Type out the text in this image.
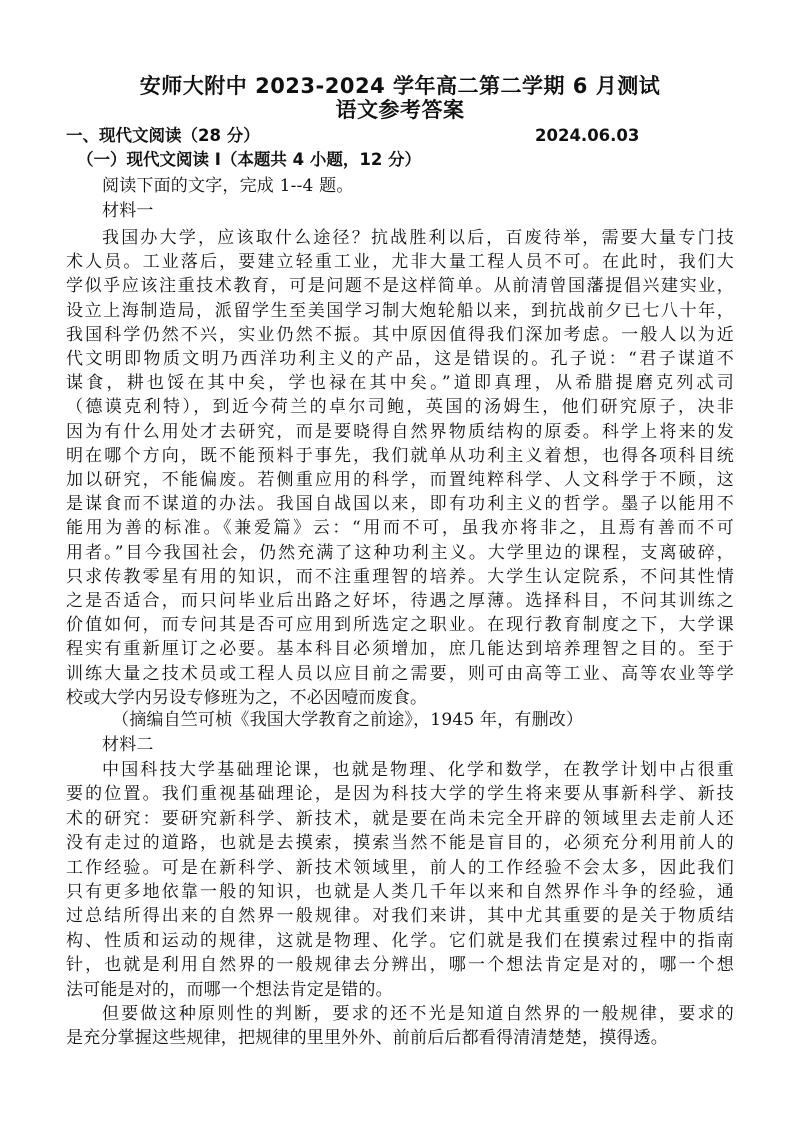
安师大附中 2023-2024 学年高二第二学期 6 月测试
语文参考答案
一、现代文阅读（28 分）	2024.06.03
（一）现代文阅读 I（本题共 4 小题，12 分）
阅读下面的文字，完成 1--4 题。
材料一
我国办大学，应该取什么途径？抗战胜利以后，百废待举，需要大量专门技
术人员。工业落后，要建立轻重工业，尤非大量工程人员不可。在此时，我们大
学似乎应该注重技术教育，可是问题不是这样简单。从前清曾国藩提倡兴建实业，
设立上海制造局，派留学生至美国学习制大炮轮船以来，到抗战前夕已七八十年，
我国科学仍然不兴，实业仍然不振。其中原因值得我们深加考虑。一般人以为近
代文明即物质文明乃西洋功利主义的产品，这是错误的。孔子说：“君子谋道不
谋食，耕也馁在其中矣，学也禄在其中矣。”道即真理，从希腊提磨克列忒司
（德谟克利特），到近今荷兰的卓尔司鲍，英国的汤姆生，他们研究原子，决非
因为有什么用处才去研究，而是要晓得自然界物质结构的原委。科学上将来的发
明在哪个方向，既不能预料于事先，我们就单从功利主义着想，也得各项科目统
加以研究，不能偏废。若侧重应用的科学，而置纯粹科学、人文科学于不顾，这
是谋食而不谋道的办法。我国自战国以来，即有功利主义的哲学。墨子以能用不
能用为善的标准。《兼爱篇》云：“用而不可，虽我亦将非之，且焉有善而不可
用者。”目今我国社会，仍然充满了这种功利主义。大学里边的课程，支离破碎，
只求传教零星有用的知识，而不注重理智的培养。大学生认定院系，不问其性情
之是否适合，而只问毕业后出路之好坏，待遇之厚薄。选择科目，不问其训练之
价值如何，而专问其是否可应用到所选定之职业。在现行教育制度之下，大学课
程实有重新厘订之必要。基本科目必须增加，庶几能达到培养理智之目的。至于
训练大量之技术员或工程人员以应目前之需要，则可由高等工业、高等农业等学
校或大学内另设专修班为之，不必因噎而废食。
（摘编自竺可桢《我国大学教育之前途》，1945 年，有删改）
材料二
中国科技大学基础理论课，也就是物理、化学和数学，在教学计划中占很重
要的位置。我们重视基础理论，是因为科技大学的学生将来要从事新科学、新技
术的研究：要研究新科学、新技术，就是要在尚未完全开辟的领域里去走前人还
没有走过的道路，也就是去摸索，摸索当然不能是盲目的，必须充分利用前人的
工作经验。可是在新科学、新技术领域里，前人的工作经验不会太多，因此我们
只有更多地依靠一般的知识，也就是人类几千年以来和自然界作斗争的经验，通
过总结所得出来的自然界一般规律。对我们来讲，其中尤其重要的是关于物质结
构、性质和运动的规律，这就是物理、化学。它们就是我们在摸索过程中的指南
针，也就是利用自然界的一般规律去分辨出，哪一个想法肯定是对的，哪一个想
法可能是对的，而哪一个想法肯定是错的。
但要做这种原则性的判断，要求的还不光是知道自然界的一般规律，要求的
是充分掌握这些规律，把规律的里里外外、前前后后都看得清清楚楚，摸得透。
